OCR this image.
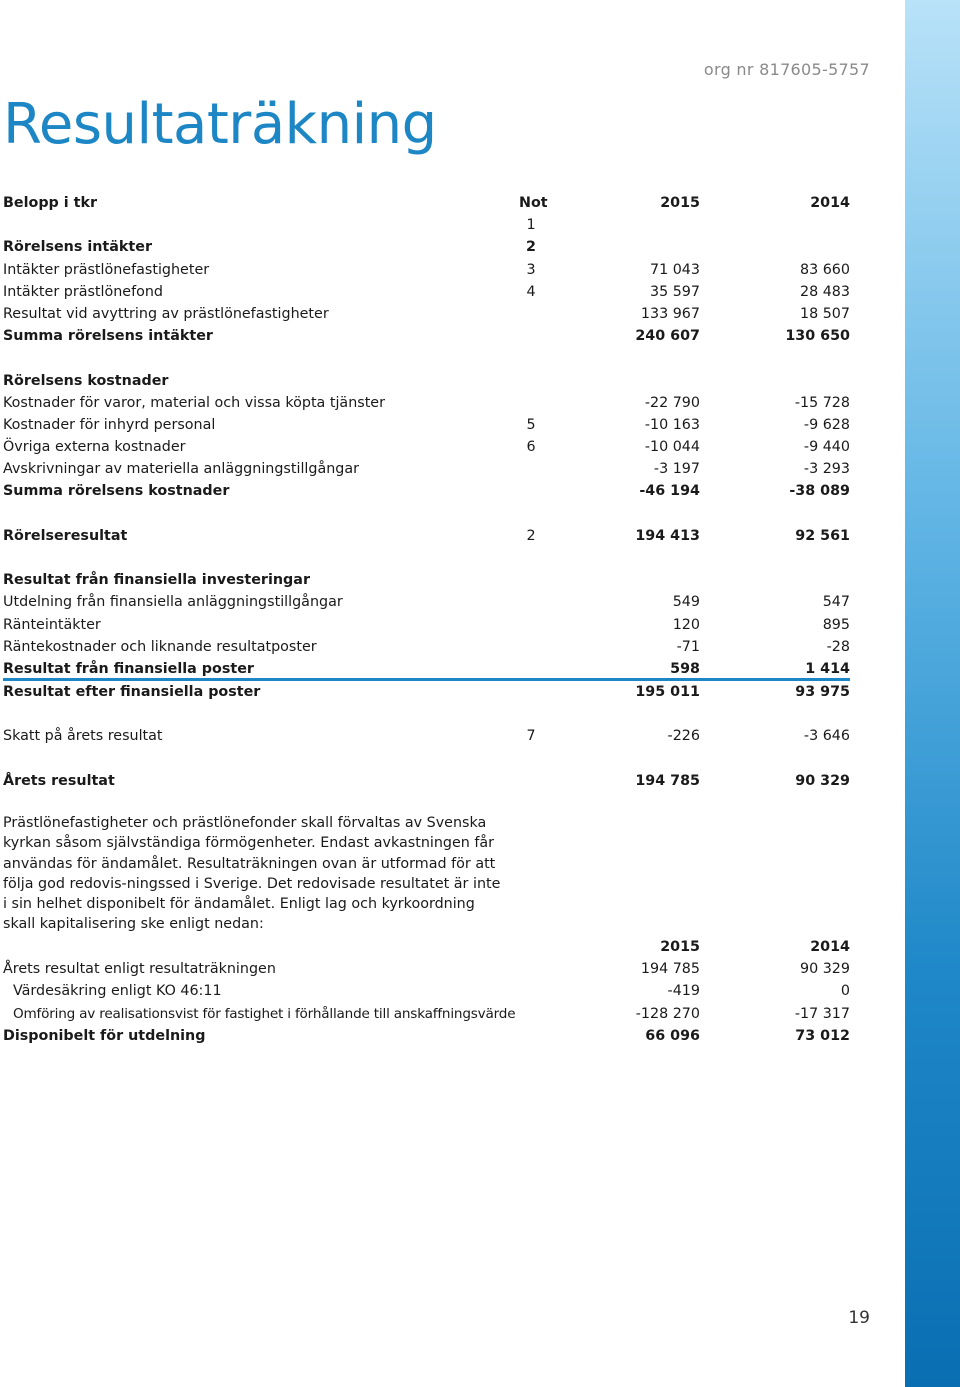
org nr 817605-5757
Resultaträkning
Belopp i tkr	Not	2015	2014
1
Rörelsens intäkter	2
Intäkter prästlönefastigheter	3	71 043	83 660
Intäkter prästlönefond	4	35 597	28 483
Resultat vid avyttring av prästlönefastigheter	133 967	18 507
Summa rörelsens intäkter	240 607	130 650
Rörelsens kostnader
Kostnader för varor, material och vissa köpta tjänster	-22 790	-15 728
Kostnader för inhyrd personal	5	-10 163	-9 628
Övriga externa kostnader	6	-10 044	-9 440
Avskrivningar av materiella anläggningstillgångar	-3 197	-3 293
Summa rörelsens kostnader	-46 194	-38 089
Rörelseresultat	2	194 413	92 561
Resultat från finansiella investeringar
Utdelning från finansiella anläggningstillgångar	549	547
Ränteintäkter	120	895
Räntekostnader och liknande resultatposter	-71	-28
Resultat från finansiella poster	598	1 414
Resultat efter finansiella poster	195 011	93 975
Skatt på årets resultat	7	-226	-3 646
Årets resultat	194 785	90 329

Prästlönefastigheter och prästlönefonder skall förvaltas av Svenska kyrkan såsom självständiga förmögenheter. Endast avkastningen får användas för ändamålet. Resultaträkningen ovan är utformad för att följa god redovis-ningssed i Sverige. Det redovisade resultatet är inte i sin helhet disponibelt för ändamålet. Enligt lag och kyrkoordning skall kapitalisering ske enligt nedan:

2015	2014
Årets resultat enligt resultaträkningen	194 785	90 329
Värdesäkring enligt KO 46:11	-419	0
Omföring av realisationsvist för fastighet i förhållande till anskaffningsvärde	-128 270	-17 317
Disponibelt för utdelning	66 096	73 012
19
